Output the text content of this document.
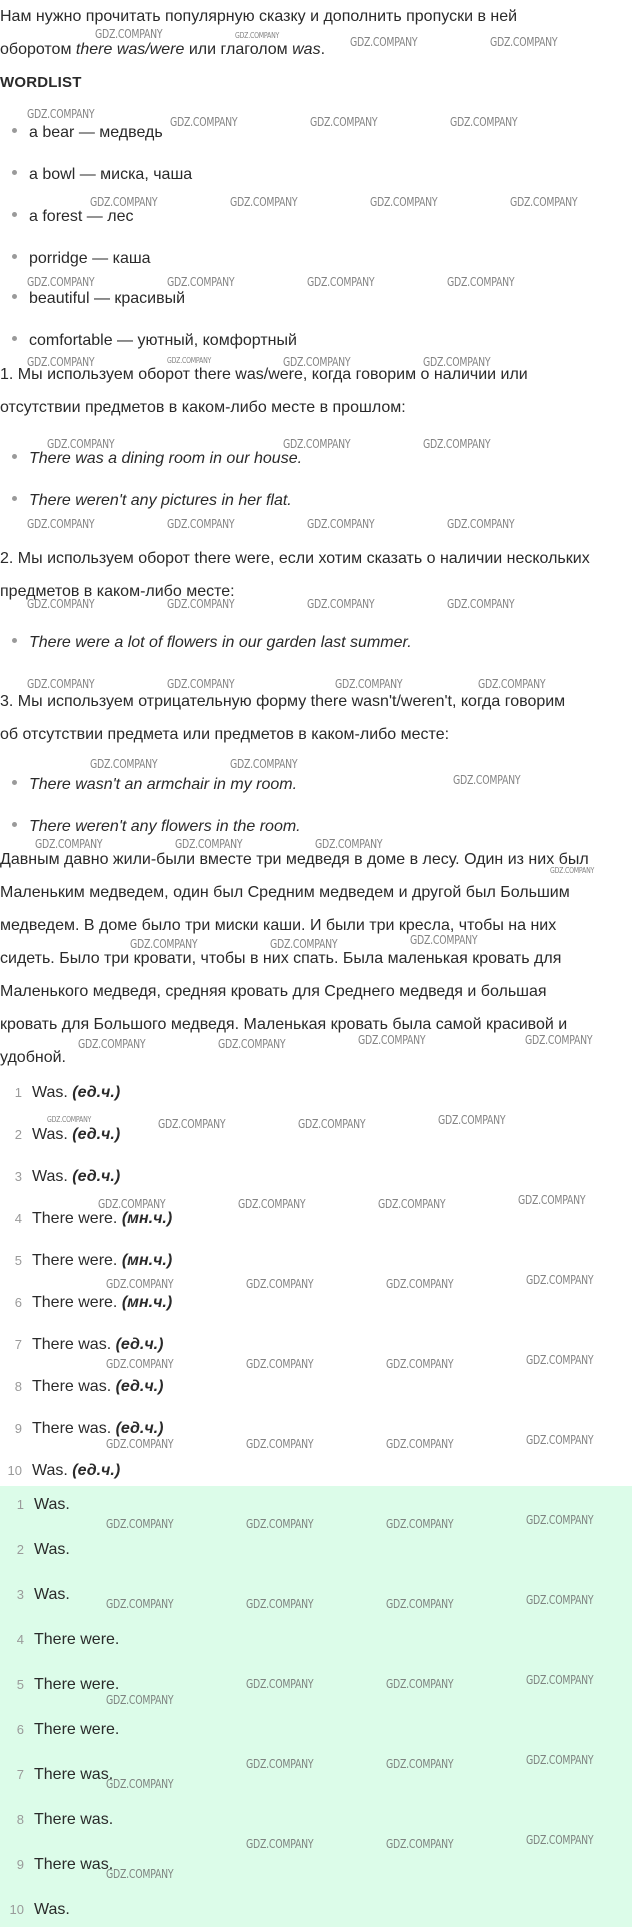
Нам нужно прочитать популярную сказку и дополнить пропуски в ней
оборотом there was/were или глаголом was.
WORDLIST
a bear — медведь
a bowl — миска, чаша
a forest — лес
porridge — каша
beautiful — красивый
comfortable — уютный, комфортный
1. Мы используем оборот there was/were, когда говорим о наличии или
отсутствии предметов в каком-либо месте в прошлом:
There was a dining room in our house.
There weren't any pictures in her flat.
2. Мы используем оборот there were, если хотим сказать о наличии нескольких
предметов в каком-либо месте:
There were a lot of flowers in our garden last summer.
3. Мы используем отрицательную форму there wasn't/weren't, когда говорим
об отсутствии предмета или предметов в каком-либо месте:
There wasn't an armchair in my room.
There weren't any flowers in the room.
Давным давно жили-были вместе три медведя в доме в лесу. Один из них был
Маленьким медведем, один был Средним медведем и другой был Большим
медведем. В доме было три миски каши. И были три кресла, чтобы на них
сидеть. Было три кровати, чтобы в них спать. Была маленькая кровать для
Маленького медведя, средняя кровать для Среднего медведя и большая
кровать для Большого медведя. Маленькая кровать была самой красивой и
удобной.
1 Was. (ед.ч.)
2 Was. (ед.ч.)
3 Was. (ед.ч.)
4 There were. (мн.ч.)
5 There were. (мн.ч.)
6 There were. (мн.ч.)
7 There was. (ед.ч.)
8 There was. (ед.ч.)
9 There was. (ед.ч.)
10 Was. (ед.ч.)
1 Was.
2 Was.
3 Was.
4 There were.
5 There were.
6 There were.
7 There was.
8 There was.
9 There was.
10 Was.
GDZ.COMPANY	GDZ.COMPANY	GDZ.COMPANY	GDZ.COMPANY
GDZ.COMPANY
GDZ.COMPANY	GDZ.COMPANY	GDZ.COMPANY
GDZ.COMPANY	GDZ.COMPANY	GDZ.COMPANY	GDZ.COMPANY
GDZ.COMPANY	GDZ.COMPANY	GDZ.COMPANY	GDZ.COMPANY
GDZ.COMPANY	GDZ.COMPANY	GDZ.COMPANY	GDZ.COMPANY
GDZ.COMPANY	GDZ.COMPANY	GDZ.COMPANY
GDZ.COMPANY	GDZ.COMPANY	GDZ.COMPANY	GDZ.COMPANY
GDZ.COMPANY	GDZ.COMPANY	GDZ.COMPANY	GDZ.COMPANY
GDZ.COMPANY	GDZ.COMPANY	GDZ.COMPANY	GDZ.COMPANY
GDZ.COMPANY	GDZ.COMPANY
GDZ.COMPANY
GDZ.COMPANY	GDZ.COMPANY	GDZ.COMPANY
GDZ.COMPANY
GDZ.COMPANY
GDZ.COMPANY	GDZ.COMPANY
GDZ.COMPANY	GDZ.COMPANY
GDZ.COMPANY	GDZ.COMPANY
GDZ.COMPANY	GDZ.COMPANY	GDZ.COMPANY	GDZ.COMPANY
GDZ.COMPANY	GDZ.COMPANY	GDZ.COMPANY	GDZ.COMPANY
GDZ.COMPANY	GDZ.COMPANY	GDZ.COMPANY	GDZ.COMPANY
GDZ.COMPANY	GDZ.COMPANY	GDZ.COMPANY	GDZ.COMPANY
GDZ.COMPANY	GDZ.COMPANY	GDZ.COMPANY	GDZ.COMPANY
GDZ.COMPANY	GDZ.COMPANY	GDZ.COMPANY	GDZ.COMPANY
GDZ.COMPANY	GDZ.COMPANY	GDZ.COMPANY	GDZ.COMPANY
GDZ.COMPANY	GDZ.COMPANY	GDZ.COMPANY
GDZ.COMPANY
GDZ.COMPANY	GDZ.COMPANY	GDZ.COMPANY
GDZ.COMPANY
GDZ.COMPANY	GDZ.COMPANY	GDZ.COMPANY
GDZ.COMPANY
